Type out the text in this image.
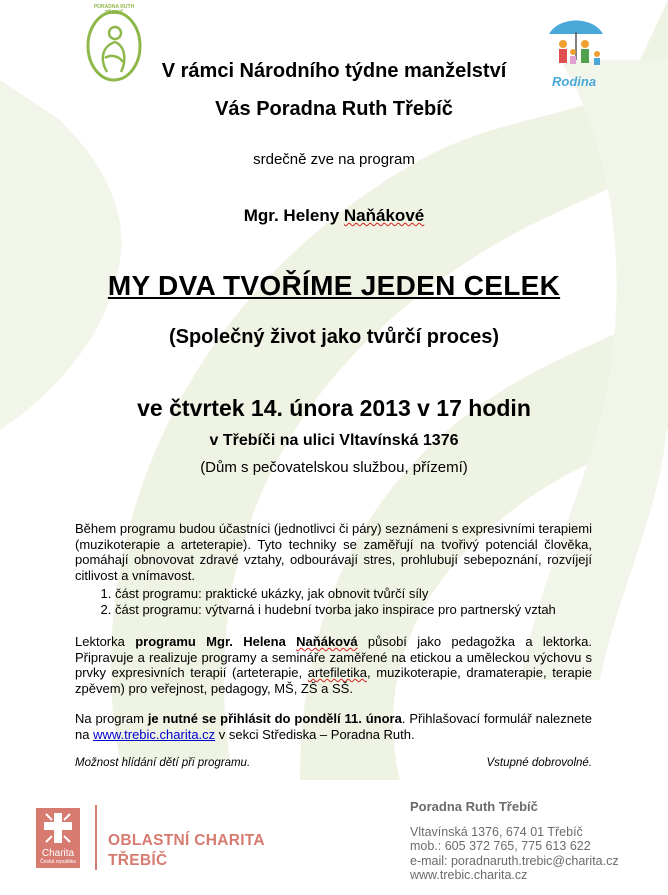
PORADNA RUTH TŘEBÍČ
Rodina
V rámci Národního týdne manželství
Vás Poradna Ruth Třebíč
srdečně zve na program
Mgr. Heleny Naňákové
MY DVA TVOŘÍME JEDEN CELEK
(Společný život jako tvůrčí proces)
ve čtvrtek 14. února 2013 v 17 hodin
v Třebíči na ulici Vltavínská 1376
(Dům s pečovatelskou službou, přízemí)
Během programu budou účastníci (jednotlivci či páry) seznámeni s expresivními terapiemi (muzikoterapie a arteterapie). Tyto techniky se zaměřují na tvořivý potenciál člověka, pomáhají obnovovat zdravé vztahy, odbourávají stres, prohlubují sebepoznání, rozvíjejí citlivost a vnímavost.
1. část programu: praktické ukázky, jak obnovit tvůrčí síly
2. část programu: výtvarná i hudební tvorba jako inspirace pro partnerský vztah
Lektorka programu Mgr. Helena Naňáková působí jako pedagožka a lektorka. Připravuje a realizuje programy a semináře zaměřené na etickou a uměleckou výchovu s prvky expresivních terapií (arteterapie, artefiletika, muzikoterapie, dramaterapie, terapie zpěvem) pro veřejnost, pedagogy, MŠ, ZŠ a SŠ.
Na program je nutné se přihlásit do pondělí 11. února. Přihlašovací formulář naleznete na www.trebic.charita.cz v sekci Střediska – Poradna Ruth.
Možnost hlídání dětí při programu.	Vstupné dobrovolné.
Charita
Česká republika
OBLASTNÍ CHARITA
TŘEBÍČ
Poradna Ruth Třebíč
Vltavínská 1376, 674 01 Třebíč
mob.: 605 372 765, 775 613 622
e-mail: poradnaruth.trebic@charita.cz
www.trebic.charita.cz
